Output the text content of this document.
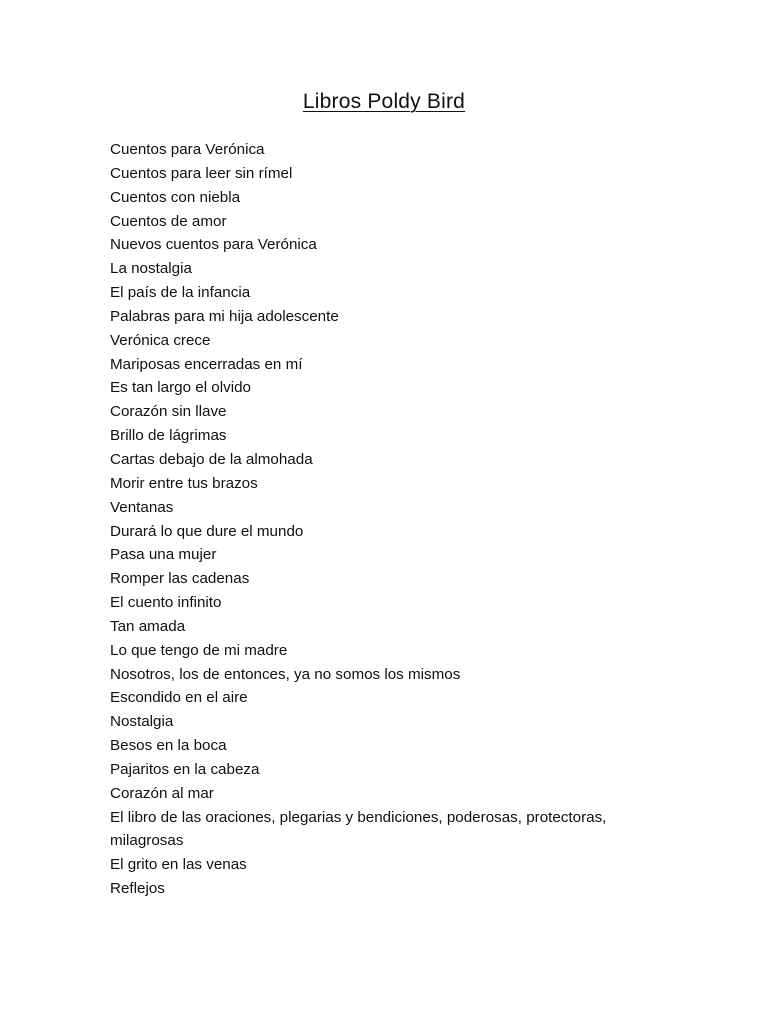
Libros Poldy Bird
Cuentos para Verónica
Cuentos para leer sin rímel
Cuentos con niebla
Cuentos de amor
Nuevos cuentos para Verónica
La nostalgia
El país de la infancia
Palabras para mi hija adolescente
Verónica crece
Mariposas encerradas en mí
Es tan largo el olvido
Corazón sin llave
Brillo de lágrimas
Cartas debajo de la almohada
Morir entre tus brazos
Ventanas
Durará lo que dure el mundo
Pasa una mujer
Romper las cadenas
El cuento infinito
Tan amada
Lo que tengo de mi madre
Nosotros, los de entonces, ya no somos los mismos
Escondido en el aire
Nostalgia
Besos en la boca
Pajaritos en la cabeza
Corazón al mar
El libro de las oraciones, plegarias y bendiciones, poderosas, protectoras, milagrosas
El grito en las venas
Reflejos
